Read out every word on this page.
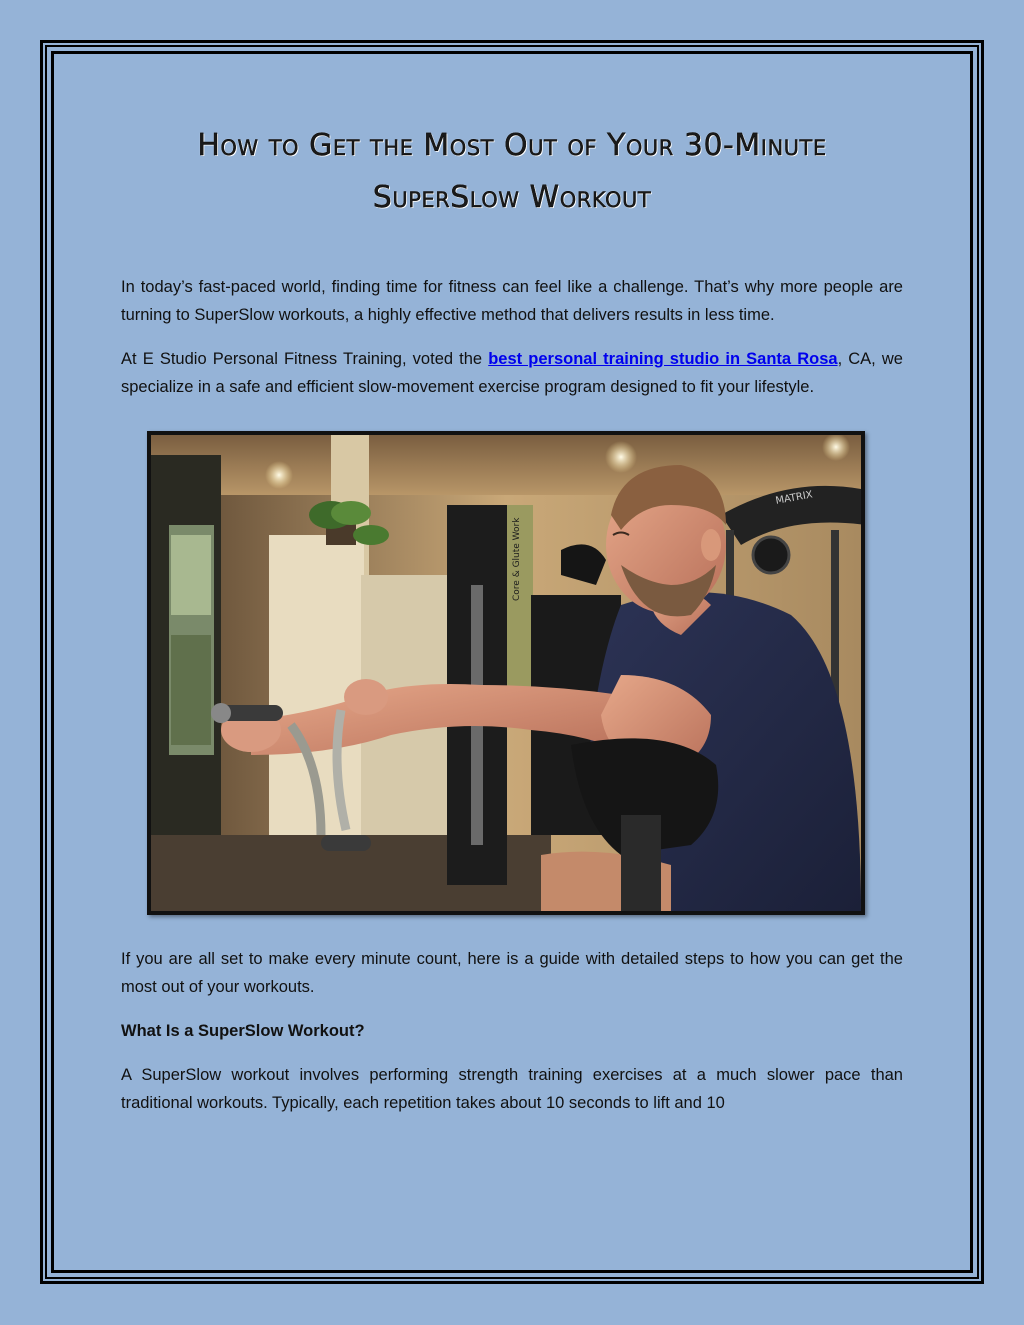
How to Get the Most Out of Your 30-Minute
SuperSlow Workout

In today’s fast-paced world, finding time for fitness can feel like a challenge. That’s why more people are turning to SuperSlow workouts, a highly effective method that delivers results in less time.

At E Studio Personal Fitness Training, voted the best personal training studio in Santa Rosa, CA, we specialize in a safe and efficient slow-movement exercise program designed to fit your lifestyle.

Core & Glute Work
MATRIX

If you are all set to make every minute count, here is a guide with detailed steps to how you can get the most out of your workouts.

What Is a SuperSlow Workout?

A SuperSlow workout involves performing strength training exercises at a much slower pace than traditional workouts. Typically, each repetition takes about 10 seconds to lift and 10
